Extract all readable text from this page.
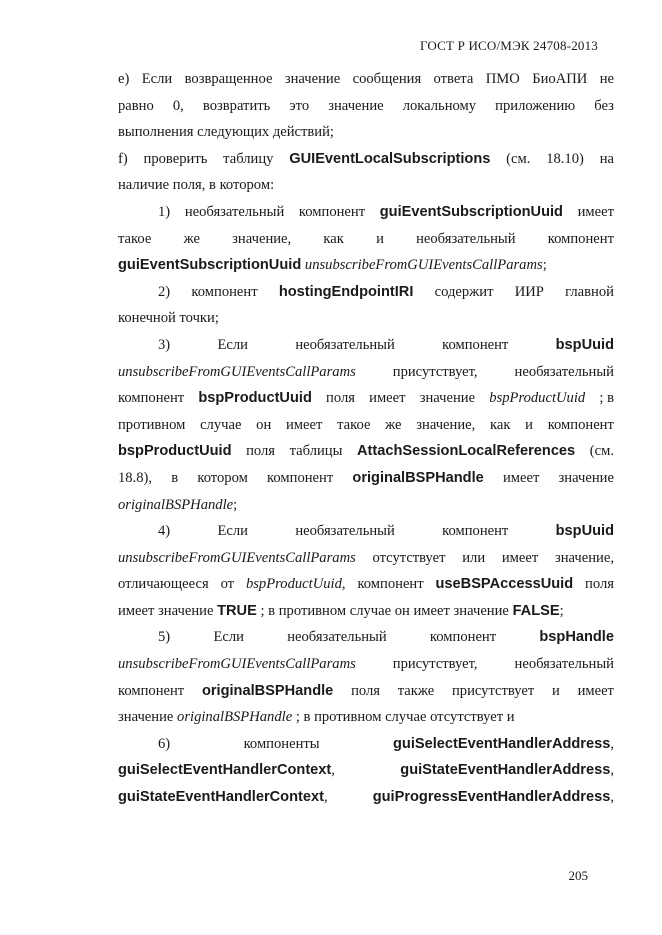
ГОСТ Р ИСО/МЭК 24708-2013
e) Если возвращенное значение сообщения ответа ПМО БиоАПИ не
равно 0, возвратить это значение локальному приложению без
выполнения следующих действий;
f) проверить таблицу GUIEventLocalSubscriptions (см. 18.10) на
наличие поля, в котором:
1) необязательный компонент guiEventSubscriptionUuid имеет
такое же значение, как и необязательный компонент
guiEventSubscriptionUuid unsubscribeFromGUIEventsCallParams;
2) компонент hostingEndpointIRI содержит ИИР главной
конечной точки;
3)	Если	необязательный	компонент	bspUuid
unsubscribeFromGUIEventsCallParams	присутствует,	необязательный
компонент bspProductUuid поля имеет значение bspProductUuid ; в
противном случае он имеет такое же значение, как и компонент
bspProductUuid поля таблицы AttachSessionLocalReferences (см.
18.8), в котором компонент originalBSPHandle имеет значение
originalBSPHandle;
4)	Если	необязательный	компонент	bspUuid
unsubscribeFromGUIEventsCallParams отсутствует или имеет значение,
отличающееся от bspProductUuid, компонент useBSPAccessUuid поля
имеет значение TRUE ; в противном случае он имеет значение FALSE;
5)	Если	необязательный	компонент	bspHandle
unsubscribeFromGUIEventsCallParams	присутствует,	необязательный
компонент originalBSPHandle поля также присутствует и имеет
значение originalBSPHandle ; в противном случае отсутствует и
6)	компоненты	guiSelectEventHandlerAddress,
guiSelectEventHandlerContext,	guiStateEventHandlerAddress,
guiStateEventHandlerContext,	guiProgressEventHandlerAddress,
205
